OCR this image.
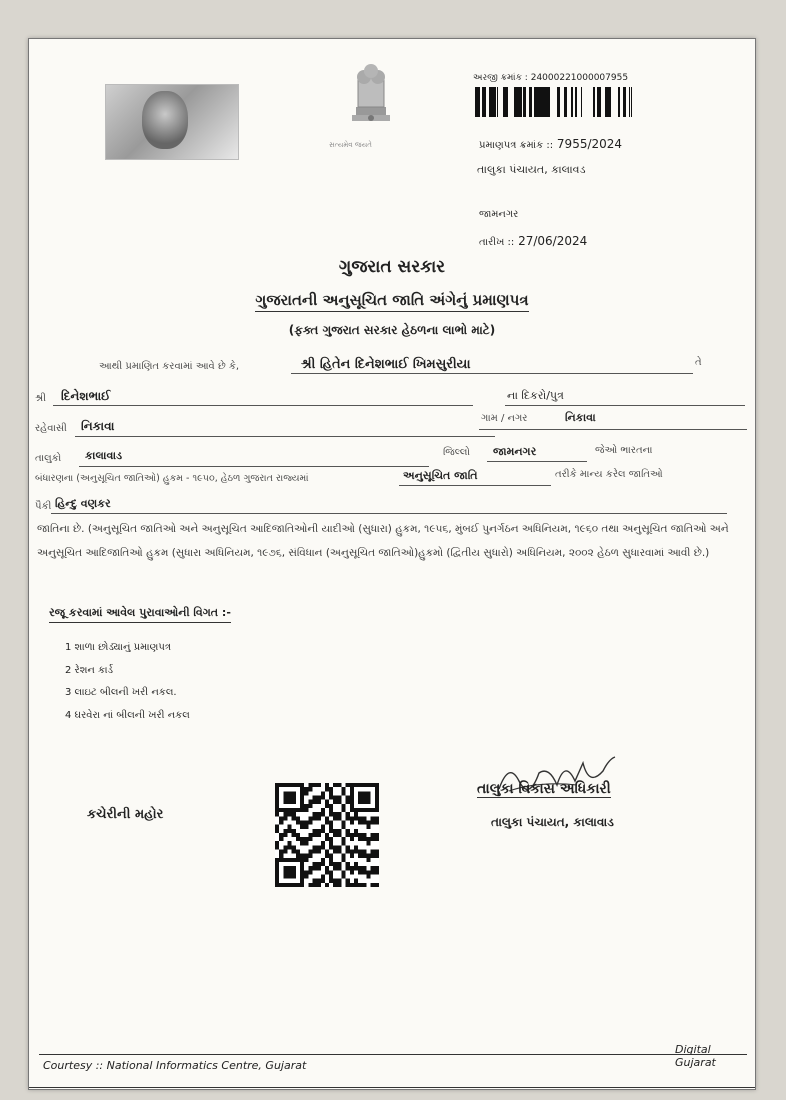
સત્યમેવ જયતે
અરજી ક્રમાંક : 24000221000007955
પ્રમાણપત્ર ક્રમાંક :: 7955/2024
તાલુકા પંચાયત, કાલાવડ
જામનગર
તારીખ :: 27/06/2024
ગુજરાત સરકાર
ગુજરાતની અનુસૂચિત જાતિ અંગેનું પ્રમાણપત્ર
(ફક્ત ગુજરાત સરકાર હેઠળના લાભો માટે)
આથી પ્રમાણિત કરવામાં આવે છે કે,	શ્રી હિતેન દિનેશભાઈ ખિમસુરીયા	તે
શ્રી દિનેશભાઈ	ના દિકરો/પુત્ર
રહેવાસી નિકાવા
ગામ / નગર	નિકાવા
તાલુકો કાલાવાડ	જિલ્લો જામનગર	જેઓ ભારતના
બંધારણના (અનુસૂચિત જાતિઓ) હુકમ - ૧૯૫૦, હેઠળ ગુજરાત રાજ્યમાં	અનુસૂચિત જાતિ	તરીકે માન્ય કરેલ જાતિઓ
પૈકી હિન્દુ વણકર
જાતિના છે. (અનુસૂચિત જાતિઓ અને અનુસૂચિત આદિજાતિઓની યાદીઓ (સુધારા) હુકમ, ૧૯૫૬, મુંબઈ પુનર્ગઠન અધિનિયમ, ૧૯૬૦ તથા અનુસૂચિત જાતિઓ અને અનુસૂચિત આદિજાતિઓ હુકમ (સુધારા અધિનિયમ, ૧૯૭૬, સંવિધાન (અનુસૂચિત જાતિઓ)હુકમો (દ્વિતીય સુધારો) અધિનિયમ, ૨૦૦૨ હેઠળ સુધારવામાં આવી છે.)
રજૂ કરવામાં આવેલ પુરાવાઓની વિગત :-
1 શાળા છોડ્યાનું પ્રમાણપત્ર
2 રેશન કાર્ડ
3 લાઇટ બીલની ખરી નકલ.
4 ઘરવેરા નાં બીલની ખરી નકલ
કચેરીની મહોર
તાલુકા વિકાસ અધિકારી
તાલુકા પંચાયત, કાલાવાડ
Digital Gujarat
Courtesy :: National Informatics Centre, Gujarat
